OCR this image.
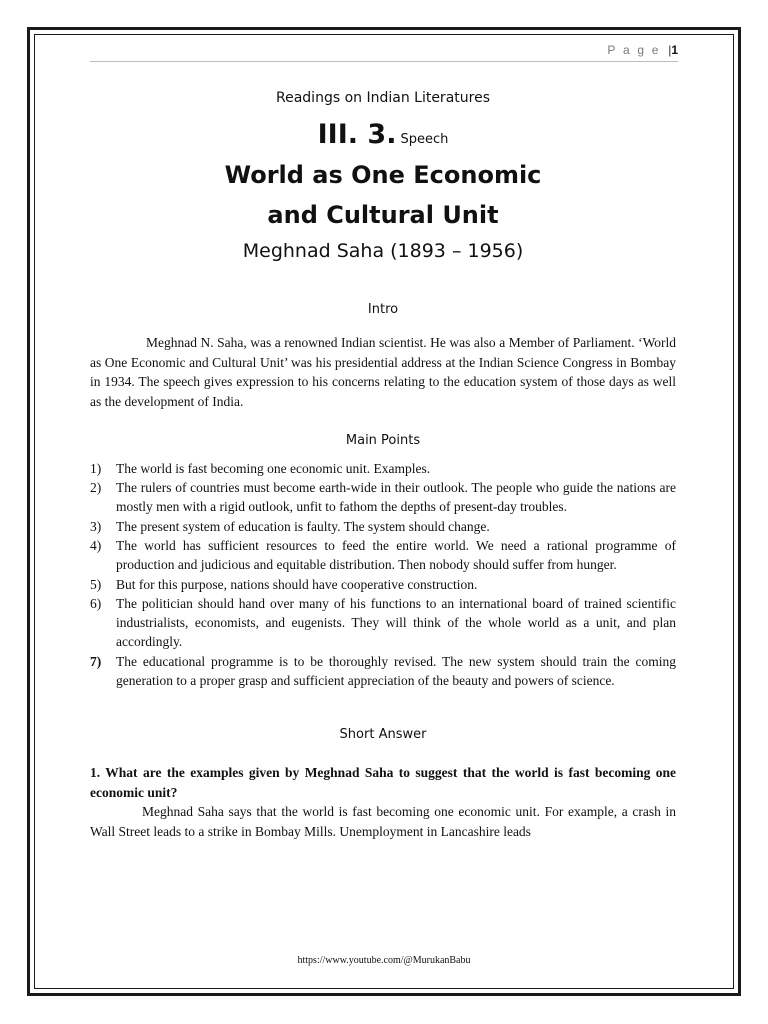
P a g e |1

Readings on Indian Literatures

III. 3. Speech

World as One Economic

and Cultural Unit

Meghnad Saha (1893 – 1956)

Intro

Meghnad N. Saha, was a renowned Indian scientist. He was also a Member of Parliament. ‘World as One Economic and Cultural Unit’ was his presidential address at the Indian Science Congress in Bombay in 1934. The speech gives expression to his concerns relating to the education system of those days as well as the development of India.

Main Points

1) The world is fast becoming one economic unit. Examples.
2) The rulers of countries must become earth-wide in their outlook. The people who guide the nations are mostly men with a rigid outlook, unfit to fathom the depths of present-day troubles.
3) The present system of education is faulty. The system should change.
4) The world has sufficient resources to feed the entire world. We need a rational programme of production and judicious and equitable distribution. Then nobody should suffer from hunger.
5) But for this purpose, nations should have cooperative construction.
6) The politician should hand over many of his functions to an international board of trained scientific industrialists, economists, and eugenists. They will think of the whole world as a unit, and plan accordingly.
7) The educational programme is to be thoroughly revised. The new system should train the coming generation to a proper grasp and sufficient appreciation of the beauty and powers of science.

Short Answer

1. What are the examples given by Meghnad Saha to suggest that the world is fast becoming one economic unit?

Meghnad Saha says that the world is fast becoming one economic unit. For example, a crash in Wall Street leads to a strike in Bombay Mills. Unemployment in Lancashire leads

https://www.youtube.com/@MurukanBabu
